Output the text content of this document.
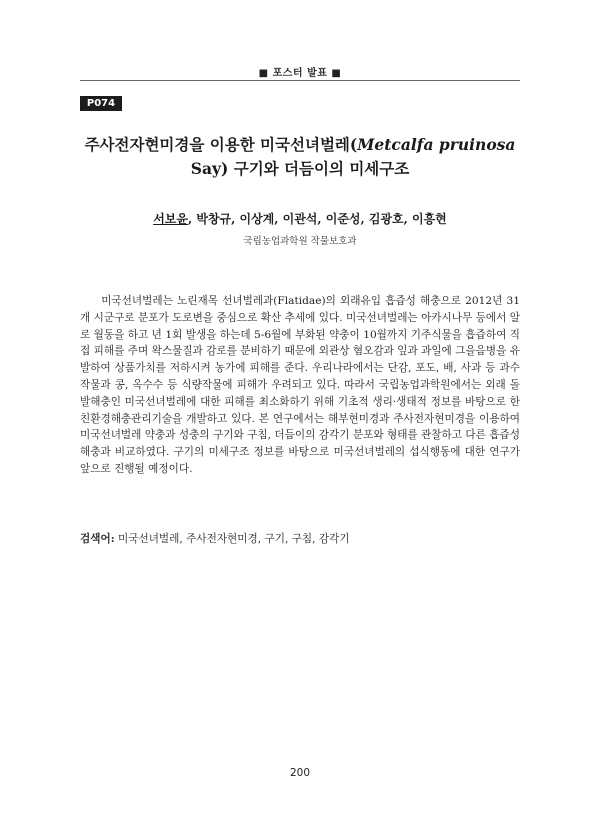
■ 포스터 발표 ■
P074
주사전자현미경을 이용한 미국선녀벌레(Metcalfa pruinosa Say) 구기와 더듬이의 미세구조
서보윤, 박창규, 이상계, 이관석, 이준성, 김광호, 이흥현
국립농업과학원 작물보호과

미국선녀벌레는 노린재목 선녀벌레과(Flatidae)의 외래유입 흡즙성 해충으로 2012년 31개 시군구로 분포가 도로변을 중심으로 확산 추세에 있다. 미국선녀벌레는 아카시나무 등에서 알로 월동을 하고 년 1회 발생을 하는데 5-6월에 부화된 약충이 10월까지 기주식물을 흡즙하여 직접 피해를 주며 왁스물질과 감로를 분비하기 때문에 외관상 혐오감과 잎과 과일에 그을음병을 유발하여 상품가치를 저하시켜 농가에 피해를 준다. 우리나라에서는 단감, 포도, 배, 사과 등 과수작물과 콩, 옥수수 등 식량작물에 피해가 우려되고 있다. 따라서 국립농업과학원에서는 외래 돌발해충인 미국선녀벌레에 대한 피해를 최소화하기 위해 기초적 생리·생태적 정보를 바탕으로 한 친환경해충관리기술을 개발하고 있다. 본 연구에서는 해부현미경과 주사전자현미경을 이용하여 미국선녀벌레 약충과 성충의 구기와 구침, 더듬이의 감각기 분포와 형태를 관찰하고 다른 흡즙성 해충과 비교하였다. 구기의 미세구조 정보를 바탕으로 미국선녀벌레의 섭식행동에 대한 연구가 앞으로 진행될 예정이다.

검색어: 미국선녀벌레, 주사전자현미경, 구기, 구침, 감각기
200
